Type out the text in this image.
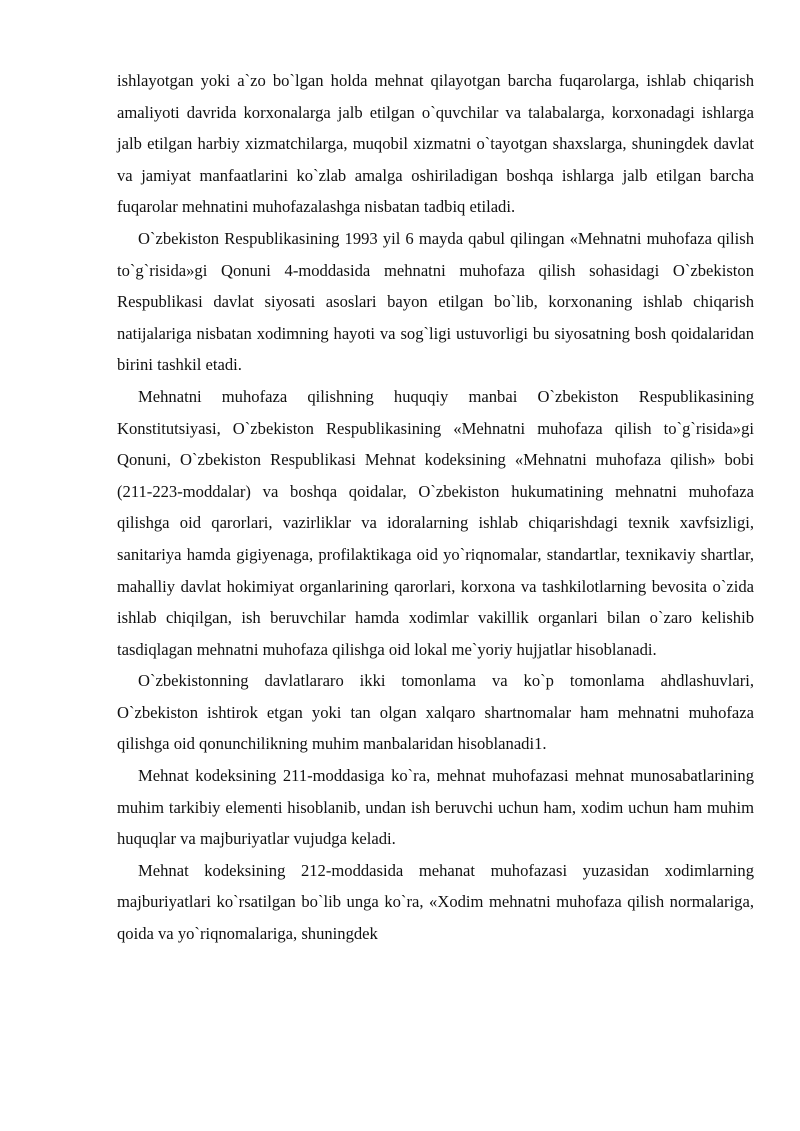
ishlayotgan yoki a`zo bo`lgan holda mehnat qilayotgan barcha fuqarolarga, ishlab chiqarish amaliyoti davrida korxonalarga jalb etilgan o`quvchilar va talabalarga, korxonadagi ishlarga jalb etilgan harbiy xizmatchilarga, muqobil xizmatni o`tayotgan shaxslarga, shuningdek davlat va jamiyat manfaatlarini ko`zlab amalga oshiriladigan boshqa ishlarga jalb etilgan barcha fuqarolar mehnatini muhofazalashga nisbatan tadbiq etiladi.

O`zbekiston Respublikasining 1993 yil 6 mayda qabul qilingan «Mehnatni muhofaza qilish to`g`risida»gi Qonuni 4-moddasida mehnatni muhofaza qilish sohasidagi O`zbekiston Respublikasi davlat siyosati asoslari bayon etilgan bo`lib, korxonaning ishlab chiqarish natijalariga nisbatan xodimning hayoti va sog`ligi ustuvorligi bu siyosatning bosh qoidalaridan birini tashkil etadi.

Mehnatni muhofaza qilishning huquqiy manbai O`zbekiston Respublikasining Konstitutsiyasi, O`zbekiston Respublikasining «Mehnatni muhofaza qilish to`g`risida»gi Qonuni, O`zbekiston Respublikasi Mehnat kodeksining «Mehnatni muhofaza qilish» bobi (211-223-moddalar) va boshqa qoidalar, O`zbekiston hukumatining mehnatni muhofaza qilishga oid qarorlari, vazirliklar va idoralarning ishlab chiqarishdagi texnik xavfsizligi, sanitariya hamda gigiyenaga, profilaktikaga oid yo`riqnomalar, standartlar, texnikaviy shartlar, mahalliy davlat hokimiyat organlarining qarorlari, korxona va tashkilotlarning bevosita o`zida ishlab chiqilgan, ish beruvchilar hamda xodimlar vakillik organlari bilan o`zaro kelishib tasdiqlagan mehnatni muhofaza qilishga oid lokal me`yoriy hujjatlar hisoblanadi.

O`zbekistonning davlatlararo ikki tomonlama va ko`p tomonlama ahdlashuvlari, O`zbekiston ishtirok etgan yoki tan olgan xalqaro shartnomalar ham mehnatni muhofaza qilishga oid qonunchilikning muhim manbalaridan hisoblanadi1.

Mehnat kodeksining 211-moddasiga ko`ra, mehnat muhofazasi mehnat munosabatlarining muhim tarkibiy elementi hisoblanib, undan ish beruvchi uchun ham, xodim uchun ham muhim huquqlar va majburiyatlar vujudga keladi.

Mehnat kodeksining 212-moddasida mehanat muhofazasi yuzasidan xodimlarning majburiyatlari ko`rsatilgan bo`lib unga ko`ra, «Xodim mehnatni muhofaza qilish normalariga, qoida va yo`riqnomalariga, shuningdek
